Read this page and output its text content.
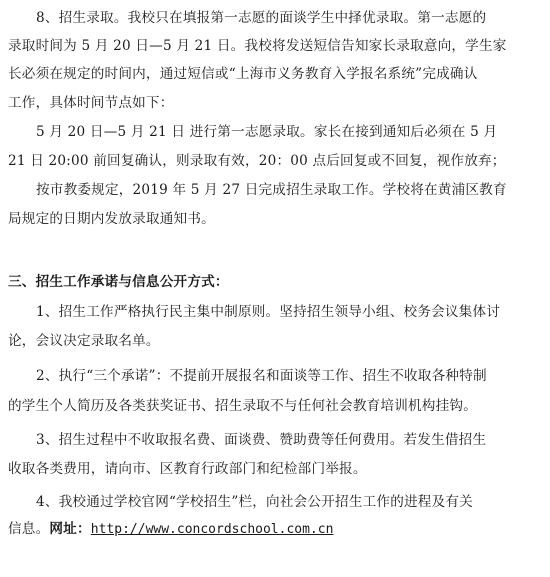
8、招生录取。我校只在填报第一志愿的面谈学生中择优录取。第一志愿的
录取时间为 5 月 20 日—5 月 21 日。我校将发送短信告知家长录取意向，学生家
长必须在规定的时间内，通过短信或“上海市义务教育入学报名系统”完成确认
工作，具体时间节点如下：
5 月 20 日—5 月 21 日 进行第一志愿录取。家长在接到通知后必须在 5 月
21 日 20:00 前回复确认，则录取有效，20：00 点后回复或不回复，视作放弃；
按市教委规定，2019 年 5 月 27 日完成招生录取工作。学校将在黄浦区教育
局规定的日期内发放录取通知书。
三、招生工作承诺与信息公开方式：
1、招生工作严格执行民主集中制原则。坚持招生领导小组、校务会议集体讨
论，会议决定录取名单。
2、执行“三个承诺”：不提前开展报名和面谈等工作、招生不收取各种特制
的学生个人简历及各类获奖证书、招生录取不与任何社会教育培训机构挂钩。
3、招生过程中不收取报名费、面谈费、赞助费等任何费用。若发生借招生
收取各类费用，请向市、区教育行政部门和纪检部门举报。
4、我校通过学校官网“学校招生”栏，向社会公开招生工作的进程及有关
信息。网址：http://www.concordschool.com.cn
